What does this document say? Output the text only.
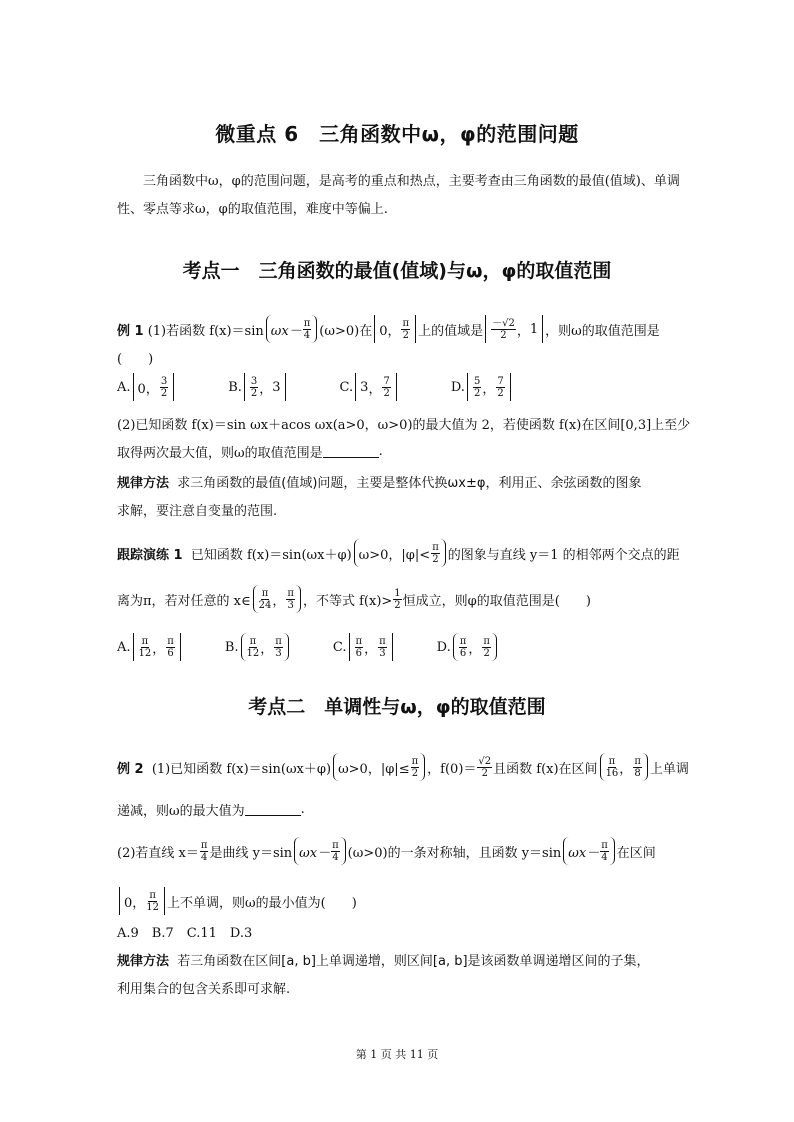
微重点 6　三角函数中ω，φ的范围问题
三角函数中ω，φ的范围问题，是高考的重点和热点，主要考查由三角函数的最值(值域)、单调性、零点等求ω，φ的取值范围，难度中等偏上.
考点一　三角函数的最值(值域)与ω，φ的取值范围
例 1
(1)若函数 f(x)＝sin $\omega x- \frac{\pi}{4} (\omega>0)$在 0， $\frac{\pi}{2}$ 上的值域是 $\frac{-√2}{2}$ ， 1 ，则ω的取值范围是
(　　)
A. 0， $\frac{3}{2}$	B. $\frac{3}{2}$ ， 3	C. 3 ， $\frac{7}{2}$	D. $\frac{5}{2}$ ， $\frac{7}{2}$
(2)已知函数 f(x)＝sin ωx＋acos ωx(a>0，ω>0)的最大值为 2，若使函数 f(x)在区间[0,3]上至少
取得两次最大值，则ω的取值范围是	.
规律方法
求三角函数的最值(值域)问题，主要是整体代换ωx±φ，利用正、余弦函数的图象
求解，要注意自变量的范围.
跟踪演练 1
已知函数 f(x)＝sin(ωx＋φ) ω>0，$|\varphi|< \frac{\pi}{2}$ 的图象与直线 y＝1 的相邻两个交点的距
离为π，若对任意的 x∈ $\frac{\pi}{24}$ ， $\frac{\pi}{3}$ ，不等式 $f(x)> \frac{1}{2}$ 恒成立，则φ的取值范围是(　　)
A. $\frac{\pi}{12}$ ， $\frac{\pi}{6}$	B. $\frac{\pi}{12}$ ， $\frac{\pi}{3}$	C. $\frac{\pi}{6}$ ， $\frac{\pi}{3}$	D. $\frac{\pi}{6}$ ， $\frac{\pi}{2}$
考点二　单调性与ω，φ的取值范围
例 2
(1)已知函数 f(x)＝sin(ωx＋φ) ω>0，$|\varphi|\le \frac{\pi}{2}$ ，$f(0)= \frac{√2}{2}$ 且函数 f(x)在区间 $\frac{\pi}{16}$ ， $\frac{\pi}{8}$ 上单调
递减，则ω的最大值为	.
(2)若直线 $x= \frac{\pi}{4}$ 是曲线 y＝sin $\omega x- \frac{\pi}{4} (\omega>0)$的一条对称轴，且函数 y＝sin $\omega x- \frac{\pi}{4}$ 在区间
0， $\frac{\pi}{12}$ 上不单调，则ω的最小值为(　　)
A.9　B.7　C.11　D.3
规律方法
若三角函数在区间[a, b]上单调递增，则区间[a, b]是该函数单调递增区间的子集，
利用集合的包含关系即可求解.
第 1 页 共 11 页
